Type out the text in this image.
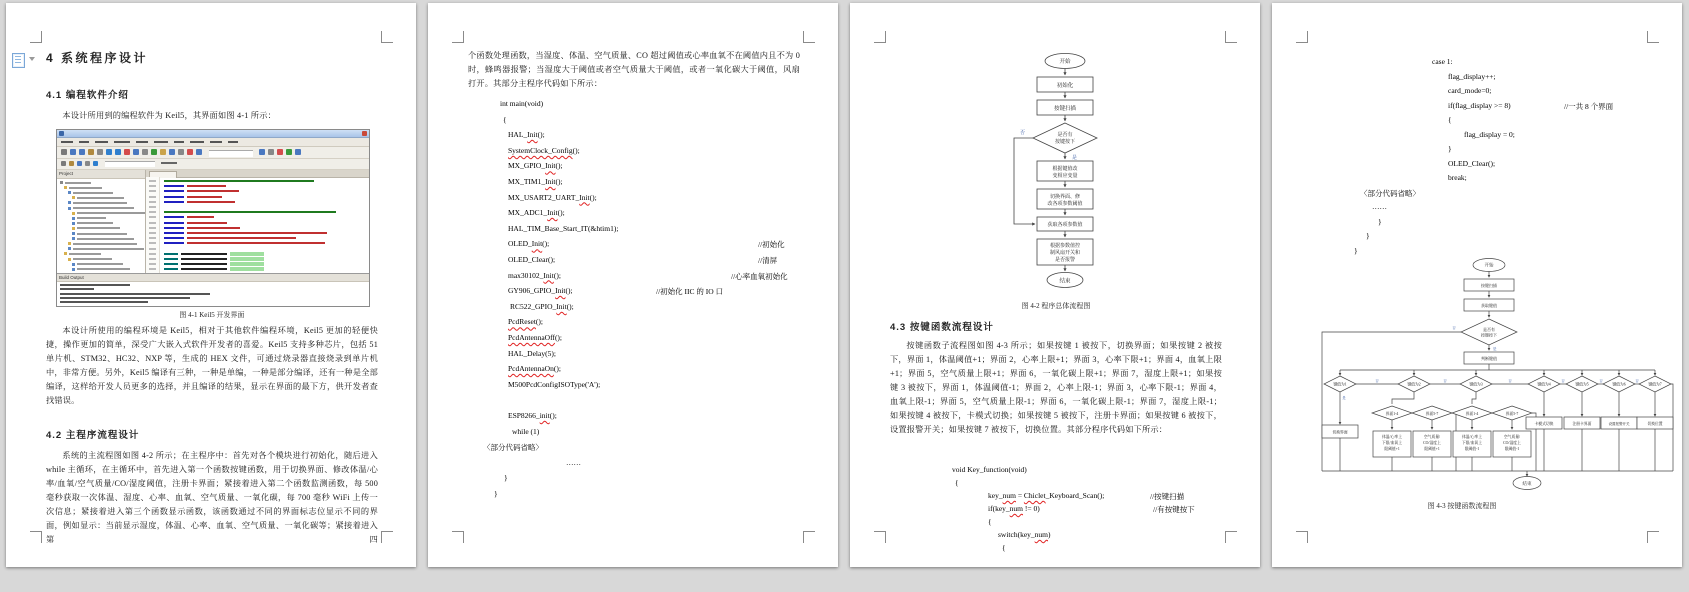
4 系统程序设计
4.1 编程软件介绍
本设计所用到的编程软件为 Keil5，其界面如图 4-1 所示：
Project
Build Output
图 4-1 Keil5 开发界面
本设计所使用的编程环境是 Keil5，相对于其他软件编程环境，Keil5 更加的轻便快捷，操作更加的简单，深受广大嵌入式软件开发者的喜爱。Keil5 支持多种芯片，包括 51 单片机、STM32、HC32、NXP 等，生成的 HEX 文件，可通过烧录器直接烧录到单片机中，非常方便。另外，Keil5 编译有三种，一种是单编，一种是部分编译，还有一种是全部编译，这样给开发人员更多的选择，并且编译的结果，显示在界面的最下方，供开发者查找错误。
4.2 主程序流程设计
系统的主流程图如图 4-2 所示；在主程序中：首先对各个模块进行初始化，随后进入 while 主循环，在主循环中，首先进入第一个函数按键函数，用于切换界面、修改体温/心率/血氧/空气质量/CO/湿度阈值，注册卡界面；紧接着进入第二个函数监测函数，每 500 毫秒获取一次体温、湿度、心率、血氧、空气质量、一氧化碳，每 700 毫秒 WiFi 上传一次信息；紧接着进入第三个函数显示函数，该函数通过不同的界面标志位显示不同的界面，例如显示：当前显示湿度，体温、心率、血氧、空气质量、一氧化碳等；紧接着进入第四
个函数处理函数，当湿度、体温、空气质量、CO 超过阈值或心率血氧不在阈值内且不为 0 时，蜂鸣器报警；当湿度大于阈值或者空气质量大于阈值，或者一氧化碳大于阈值，风扇打开。其部分主程序代码如下所示：
int main(void)
{
HAL_Init();
SystemClock_Config();
MX_GPIO_Init();
MX_TIM1_Init();
MX_USART2_UART_Init();
MX_ADC1_Init();
HAL_TIM_Base_Start_IT(&htim1);
OLED_Init();	//初始化
OLED_Clear();	//清屏
max30102_Init();	//心率血氧初始化
GY906_GPIO_Init();	//初始化 IIC 的 IO 口
RC522_GPIO_Init();
PcdReset();
PcdAntennaOff();
HAL_Delay(5);
PcdAntennaOn();
M500PcdConfigISOType('A');
ESP8266_init();
while (1)
〈部分代码省略〉
……
}
}
开始
初始化
按键扫描
是否有
按键按下
是
否
根据键值改
变相应变量
切换界面、修
改各项参数阈值
获取各项参数值
根据参数值控
制风扇开关和
是否报警
结束
图 4-2 程序总体流程图
4.3 按键函数流程设计
按键函数子流程图如图 4-3 所示；如果按键 1 被按下，切换界面；如果按键 2 被按下，界面 1，体温阈值+1；界面 2，心率上限+1；界面 3，心率下限+1；界面 4，血氧上限+1；界面 5，空气质量上限+1；界面 6，一氧化碳上限+1；界面 7，湿度上限+1；如果按键 3 被按下，界面 1，体温阈值-1；界面 2，心率上限-1；界面 3，心率下限-1；界面 4，血氧上限-1；界面 5，空气质量上限-1；界面 6，一氧化碳上限-1；界面 7，湿度上限-1；如果按键 4 被按下，卡模式切换；如果按键 5 被按下，注册卡界面；如果按键 6 被按下，设置报警开关；如果按键 7 被按下，切换位置。其部分程序代码如下所示：
void Key_function(void)
{
key_num = Chiclet_Keyboard_Scan();	//按键扫描
if(key_num != 0)	//有按键按下
{
switch(key_num)
{
case 1:
flag_display++;
card_mode=0;
if(flag_display >= 8)	//一共 8 个界面
{
flag_display = 0;
}
OLED_Clear();
break;
〈部分代码省略〉
……
}
}
}
开始
按键扫描
获取键值
是否有
按键按下
否
是
判断键值
键值为1	键值为2	键值为3	键值为4	键值为5	键值为6	键值为7
否	否	否	否	否	否
是
切换界面
界面1-4	界面5-7	界面1-4	界面5-7
体温/心率上
下限/血氧上
限阈值+1
空气质量/
CO/湿度上
限阈值+1
体温/心率上
下限/血氧上
限阈值-1
空气质量/
CO/湿度上
限阈值-1
卡模式切换	注册卡界面	设置报警开关	切换位置
结束
图 4-3 按键函数流程图
